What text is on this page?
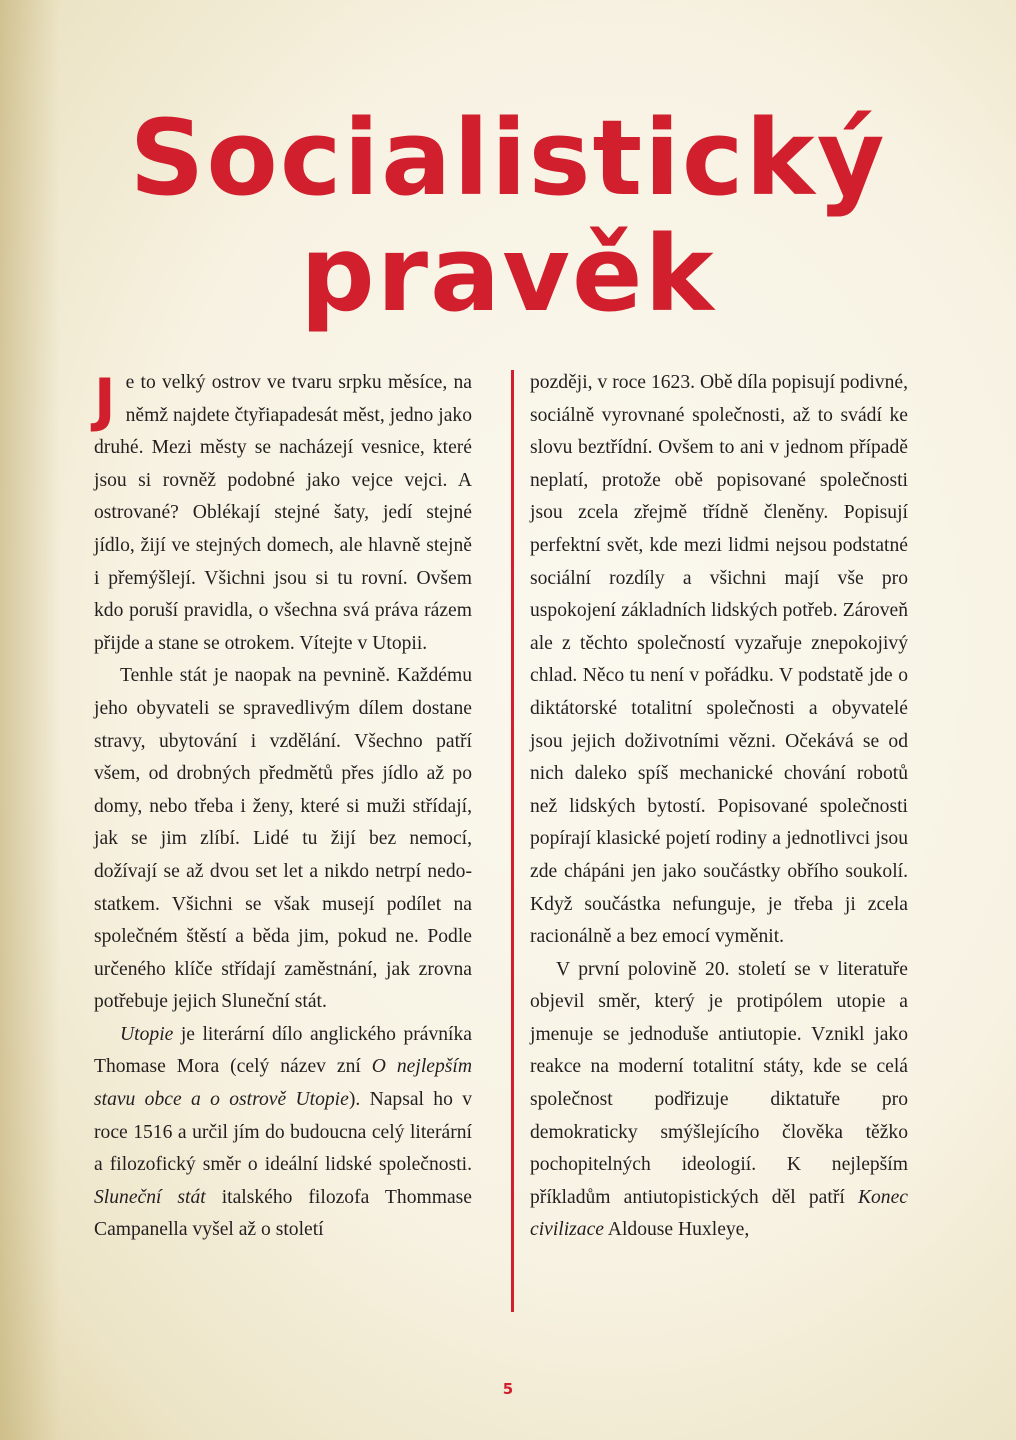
Socialistický
pravěk

Je to velký ostrov ve tvaru srpku měsíce, na němž najdete čtyřiapadesát měst, jedno jako druhé. Mezi městy se nacházejí vesnice, které jsou si rovněž podobné jako vejce vejci. A ostrované? Oblékají stejné šaty, jedí stejné jídlo, žijí ve stejných domech, ale hlavně stejně i přemýšlejí. Všichni jsou si tu rovní. Ovšem kdo poruší pravidla, o všechna svá práva rázem přijde a stane se otrokem. Vítejte v Utopii.

Tenhle stát je naopak na pevnině. Každému jeho obyvateli se spravedlivým dílem dostane stravy, ubytování i vzdělání. Všechno patří všem, od drobných předmětů přes jídlo až po domy, nebo třeba i ženy, které si muži střídají, jak se jim zlíbí. Lidé tu žijí bez nemocí, dožívají se až dvou set let a nikdo netrpí nedostatkem. Všichni se však musejí podílet na společném štěstí a běda jim, pokud ne. Podle určeného klíče střídají zaměstnání, jak zrovna potřebuje jejich Sluneční stát.

Utopie je literární dílo anglického právníka Thomase Mora (celý název zní O nejlepším stavu obce a o ostrově Utopie). Napsal ho v roce 1516 a určil jím do budoucna celý literární a filozofický směr o ideální lidské společnosti. Sluneční stát italského filozofa Thommase Campanella vyšel až o století

později, v roce 1623. Obě díla popisují podivné, sociálně vyrovnané společnosti, až to svádí ke slovu beztřídní. Ovšem to ani v jednom případě neplatí, protože obě popisované společnosti jsou zcela zřejmě třídně členěny. Popisují perfektní svět, kde mezi lidmi nejsou podstatné sociální rozdíly a všichni mají vše pro uspokojení základních lidských potřeb. Zároveň ale z těchto společností vyzařuje znepokojivý chlad. Něco tu není v pořádku. V podstatě jde o diktátorské totalitní společnosti a obyvatelé jsou jejich doživotními vězni. Očekává se od nich daleko spíš mechanické chování robotů než lidských bytostí. Popisované společnosti popírají klasické pojetí rodiny a jednotlivci jsou zde chápáni jen jako součástky obřího soukolí. Když součástka nefunguje, je třeba ji zcela racionálně a bez emocí vyměnit.

V první polovině 20. století se v literatuře objevil směr, který je protipólem utopie a jmenuje se jednoduše antiutopie. Vznikl jako reakce na moderní totalitní státy, kde se celá společnost podřizuje diktatuře pro demokraticky smýšlejícího člověka těžko pochopitelných ideologií. K nejlepším příkladům antiutopistických děl patří Konec civilizace Aldouse Huxleye,

5
